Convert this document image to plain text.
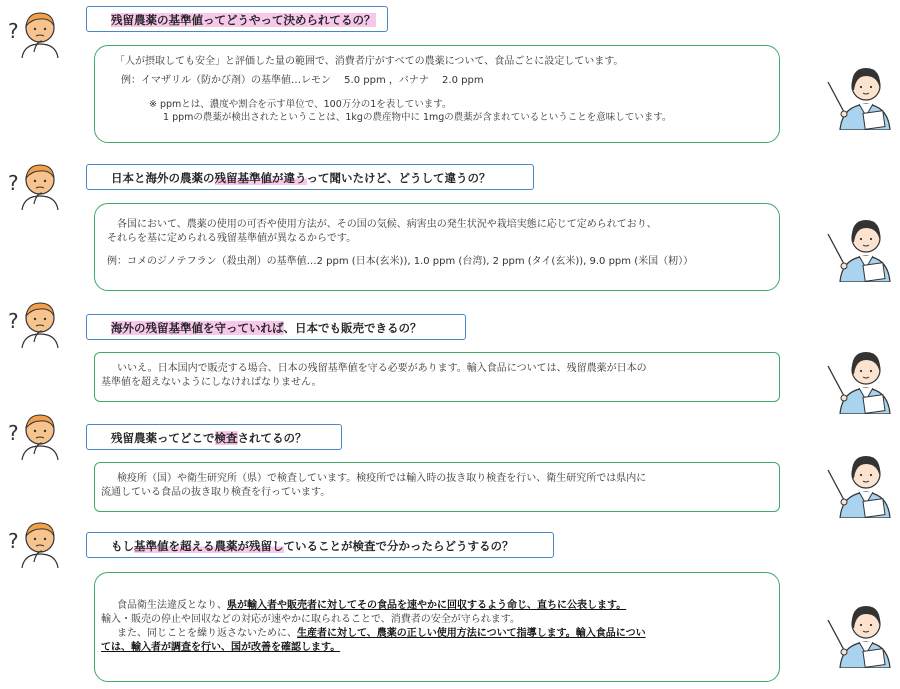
残留農薬の基準値ってどうやって決められてるの？

「人が摂取しても安全」と評価した量の範囲で、消費者庁がすべての農薬について、食品ごとに設定しています。

例：イマザリル（防かび剤）の基準値…レモン　 5.0 ppm ，バナナ　 2.0 ppm

※ ppmとは、濃度や割合を示す単位で、100万分の1を表しています。

1 ppmの農薬が検出されたということは、1kgの農産物中に 1mgの農薬が含まれているということを意味しています。

日本と海外の農薬の残留基準値が違うって聞いたけど、どうして違うの？

各国において、農薬の使用の可否や使用方法が、その国の気候、病害虫の発生状況や栽培実態に応じて定められており、

それらを基に定められる残留基準値が異なるからです。

例：コメのジノテフラン（殺虫剤）の基準値…2 ppm (日本(玄米)), 1.0 ppm (台湾), 2 ppm (タイ(玄米)), 9.0 ppm (米国（籾））

海外の残留基準値を守っていれば、日本でも販売できるの？

いいえ。日本国内で販売する場合、日本の残留基準値を守る必要があります。輸入食品については、残留農薬が日本の

基準値を超えないようにしなければなりません。

残留農薬ってどこで検査されてるの？

検疫所（国）や衛生研究所（県）で検査しています。検疫所では輸入時の抜き取り検査を行い、衛生研究所では県内に

流通している食品の抜き取り検査を行っています。

もし基準値を超える農薬が残留していることが検査で分かったらどうするの？

食品衛生法違反となり、県が輸入者や販売者に対してその食品を速やかに回収するよう命じ、直ちに公表します。

輸入・販売の停止や回収などの対応が速やかに取られることで、消費者の安全が守られます。

また、同じことを繰り返さないために、生産者に対して、農薬の正しい使用方法について指導します。輸入食品につい

ては、輸入者が調査を行い、国が改善を確認します。
